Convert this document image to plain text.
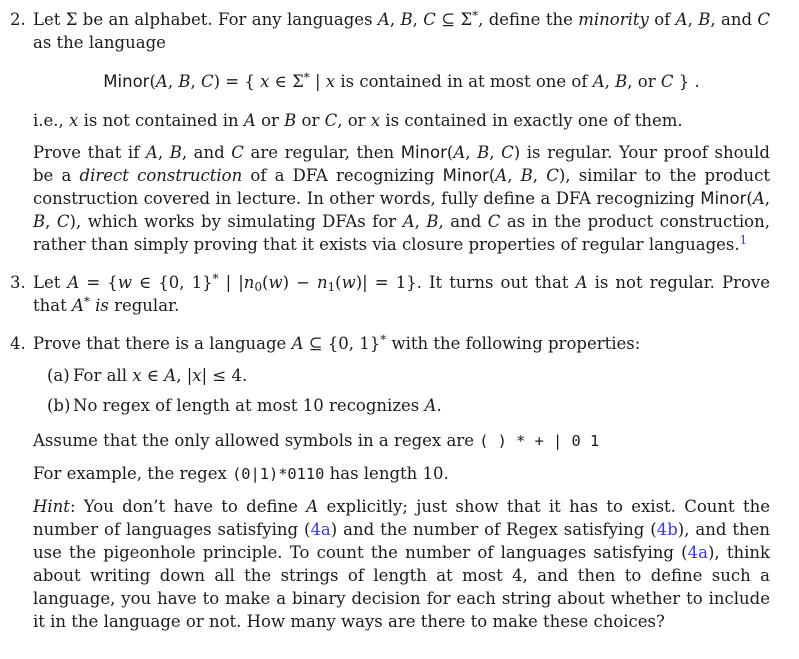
2. Let Σ be an alphabet. For any languages A, B, C ⊆ Σ*, define the minority of A, B, and C as the language

Minor(A, B, C) = { x ∈ Σ* | x is contained in at most one of A, B, or C } .

i.e., x is not contained in A or B or C, or x is contained in exactly one of them.

Prove that if A, B, and C are regular, then Minor(A, B, C) is regular. Your proof should be a direct construction of a DFA recognizing Minor(A, B, C), similar to the product construction covered in lecture. In other words, fully define a DFA recognizing Minor(A, B, C), which works by simulating DFAs for A, B, and C as in the product construction, rather than simply proving that it exists via closure properties of regular languages.$^1$

3. Let A = {w ∈ {0, 1}* | |n0(w) − n1(w)| = 1}. It turns out that A is not regular. Prove that A* is regular.

4. Prove that there is a language A ⊆ {0, 1}* with the following properties:

(a) For all x ∈ A, |x| ≤ 4.

(b) No regex of length at most 10 recognizes A.

Assume that the only allowed symbols in a regex are ( ) * + | 0 1

For example, the regex (0|1)*0110 has length 10.

Hint: You don’t have to define A explicitly; just show that it has to exist. Count the number of languages satisfying (4a) and the number of Regex satisfying (4b), and then use the pigeonhole principle. To count the number of languages satisfying (4a), think about writing down all the strings of length at most 4, and then to define such a language, you have to make a binary decision for each string about whether to include it in the language or not. How many ways are there to make these choices?
